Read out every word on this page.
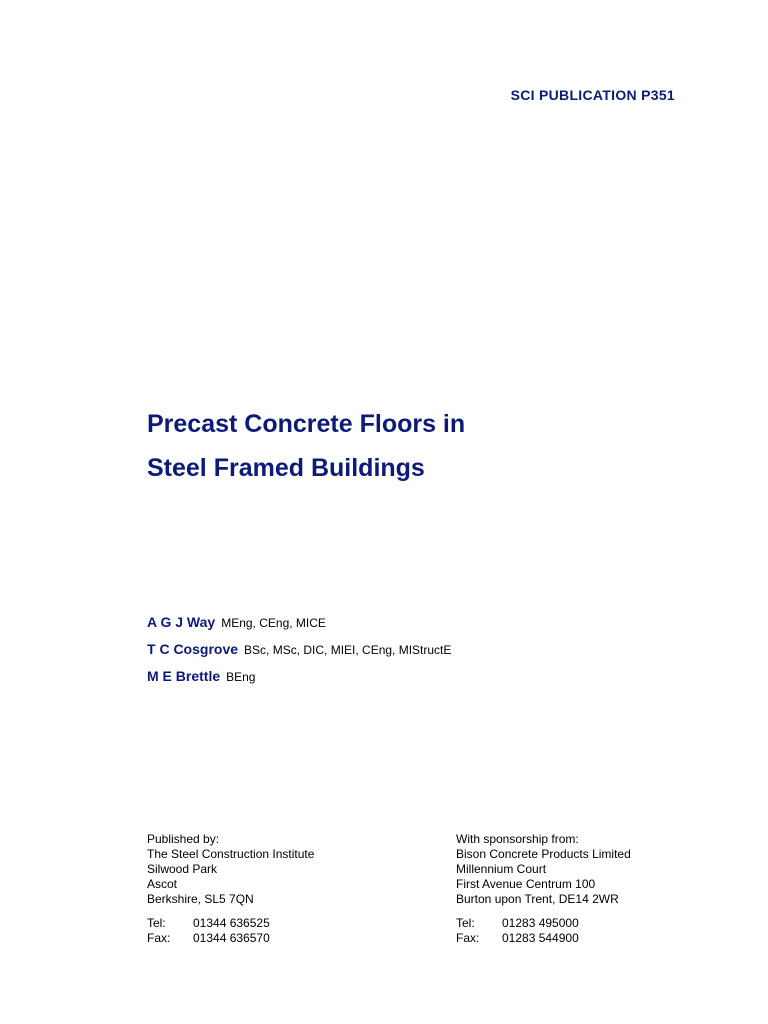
SCI PUBLICATION P351
Precast Concrete Floors in
Steel Framed Buildings
A G J Way MEng, CEng, MICE
T C Cosgrove BSc, MSc, DIC, MIEI, CEng, MIStructE
M E Brettle BEng
Published by:
The Steel Construction Institute
Silwood Park
Ascot
Berkshire, SL5 7QN
Tel: 01344 636525
Fax: 01344 636570
With sponsorship from:
Bison Concrete Products Limited
Millennium Court
First Avenue Centrum 100
Burton upon Trent, DE14 2WR
Tel: 01283 495000
Fax: 01283 544900
